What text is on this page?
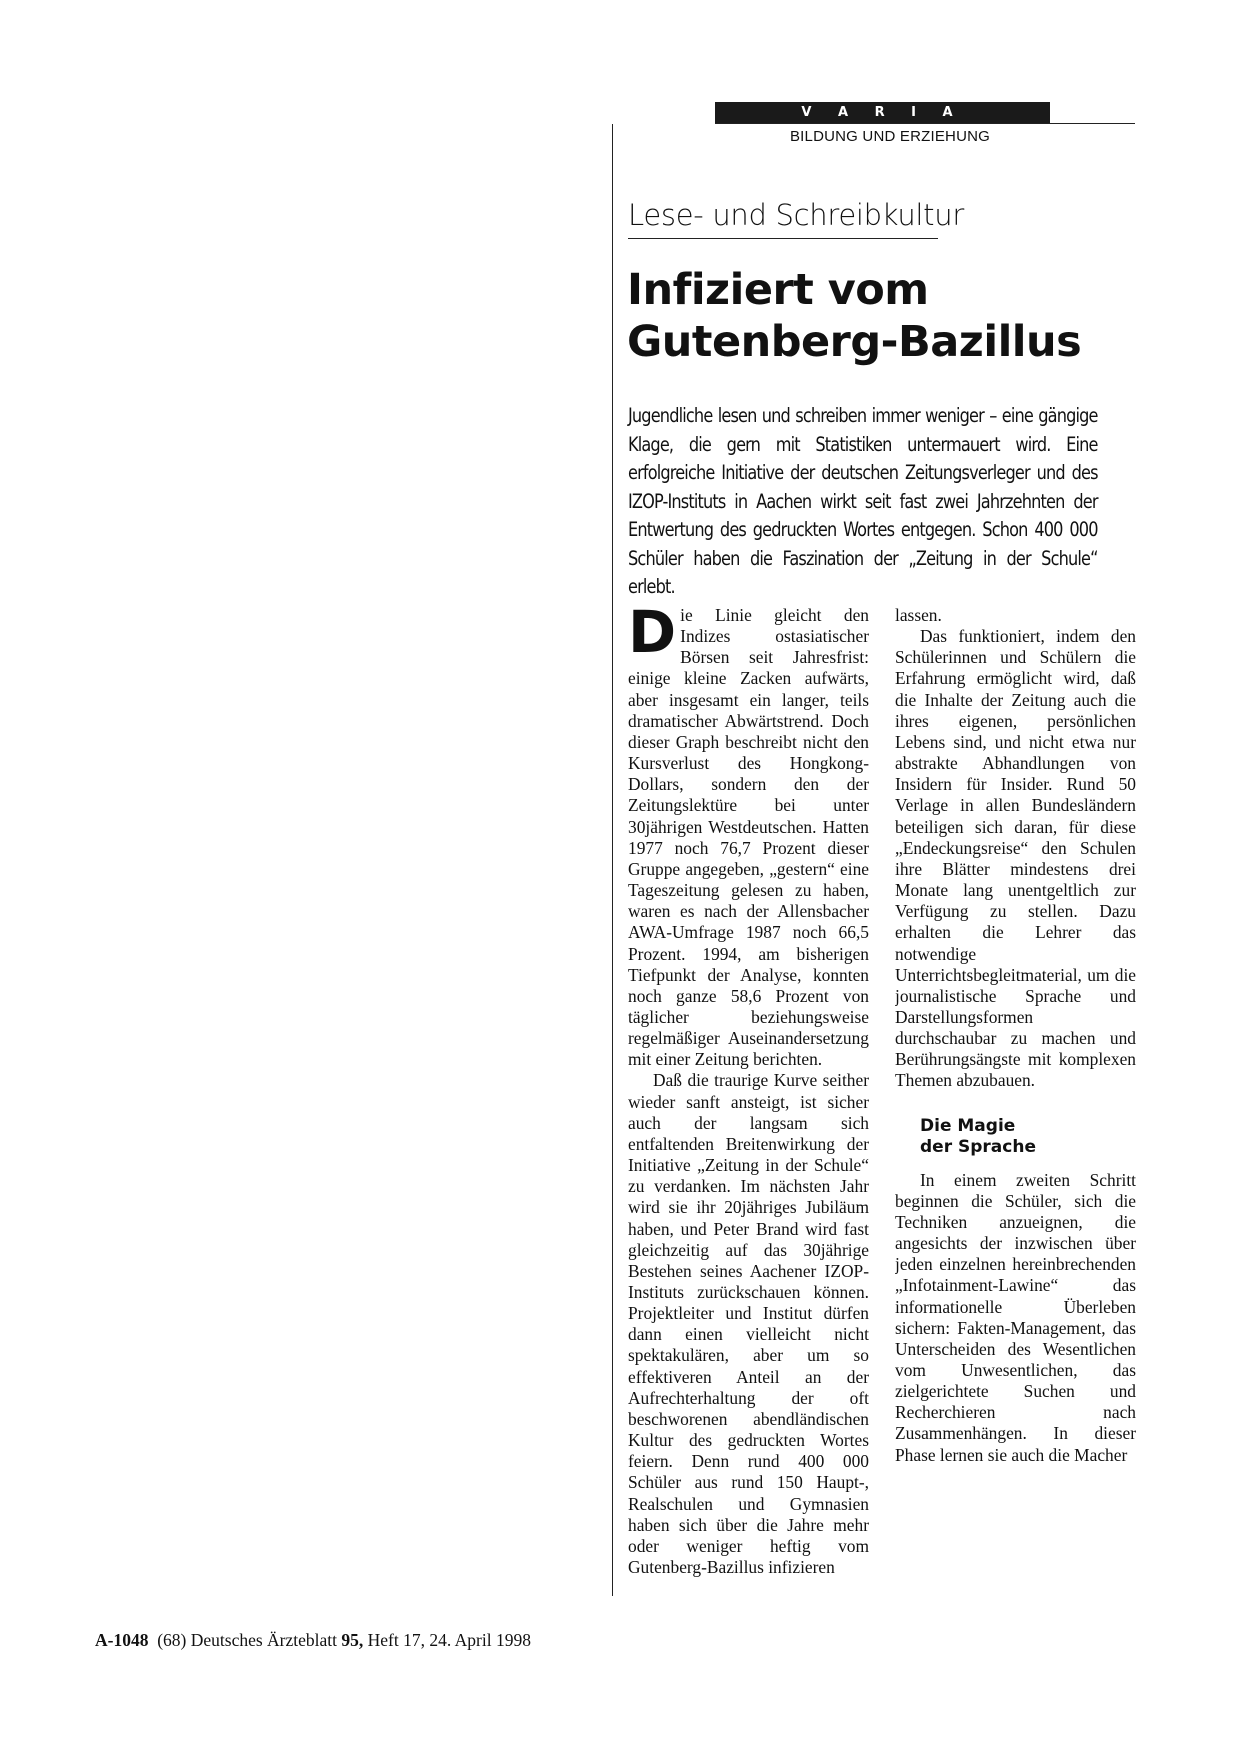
V A R I A
BILDUNG UND ERZIEHUNG
Lese- und Schreibkultur
Infiziert vom
Gutenberg-Bazillus

Jugendliche lesen und schreiben immer weniger – eine gängige Klage, die gern mit Statistiken untermauert wird. Eine erfolgreiche Initiative der deutschen Zeitungsverleger und des IZOP-Instituts in Aachen wirkt seit fast zwei Jahrzehnten der Entwertung des gedruckten Wortes entgegen. Schon 400 000 Schüler haben die Faszination der „Zeitung in der Schule“ erlebt.

Die Linie gleicht den Indizes ostasiatischer Börsen seit Jahresfrist: einige kleine Zacken aufwärts, aber insgesamt ein langer, teils dramatischer Abwärtstrend. Doch dieser Graph beschreibt nicht den Kursverlust des Hongkong-Dollars, sondern den der Zeitungslektüre bei unter 30jährigen Westdeutschen. Hatten 1977 noch 76,7 Prozent dieser Gruppe angegeben, „gestern“ eine Tageszeitung gelesen zu haben, waren es nach der Allensbacher AWA-Umfrage 1987 noch 66,5 Prozent. 1994, am bisherigen Tiefpunkt der Analyse, konnten noch ganze 58,6 Prozent von täglicher beziehungsweise regelmäßiger Auseinandersetzung mit einer Zeitung berichten.

Daß die traurige Kurve seither wieder sanft ansteigt, ist sicher auch der langsam sich entfaltenden Breitenwirkung der Initiative „Zeitung in der Schule“ zu verdanken. Im nächsten Jahr wird sie ihr 20jähriges Jubiläum haben, und Peter Brand wird fast gleichzeitig auf das 30jährige Bestehen seines Aachener IZOP-Instituts zurückschauen können. Projektleiter und Institut dürfen dann einen vielleicht nicht spektakulären, aber um so effektiveren Anteil an der Aufrechterhaltung der oft beschworenen abendländischen Kultur des gedruckten Wortes feiern. Denn rund 400 000 Schüler aus rund 150 Haupt-, Realschulen und Gymnasien haben sich über die Jahre mehr oder weniger heftig vom Gutenberg-Bazillus infizieren

lassen.

Das funktioniert, indem den Schülerinnen und Schülern die Erfahrung ermöglicht wird, daß die Inhalte der Zeitung auch die ihres eigenen, persönlichen Lebens sind, und nicht etwa nur abstrakte Abhandlungen von Insidern für Insider. Rund 50 Verlage in allen Bundesländern beteiligen sich daran, für diese „Endeckungsreise“ den Schulen ihre Blätter mindestens drei Monate lang unentgeltlich zur Verfügung zu stellen. Dazu erhalten die Lehrer das notwendige Unterrichtsbegleitmaterial, um die journalistische Sprache und Darstellungsformen durchschaubar zu machen und Berührungsängste mit komplexen Themen abzubauen.

Die Magie
der Sprache

In einem zweiten Schritt beginnen die Schüler, sich die Techniken anzueignen, die angesichts der inzwischen über jeden einzelnen hereinbrechenden „Infotainment-Lawine“ das informationelle Überleben sichern: Fakten-Management, das Unterscheiden des Wesentlichen vom Unwesentlichen, das zielgerichtete Suchen und Recherchieren nach Zusammenhängen. In dieser Phase lernen sie auch die Macher

A-1048 (68) Deutsches Ärzteblatt 95, Heft 17, 24. April 1998
